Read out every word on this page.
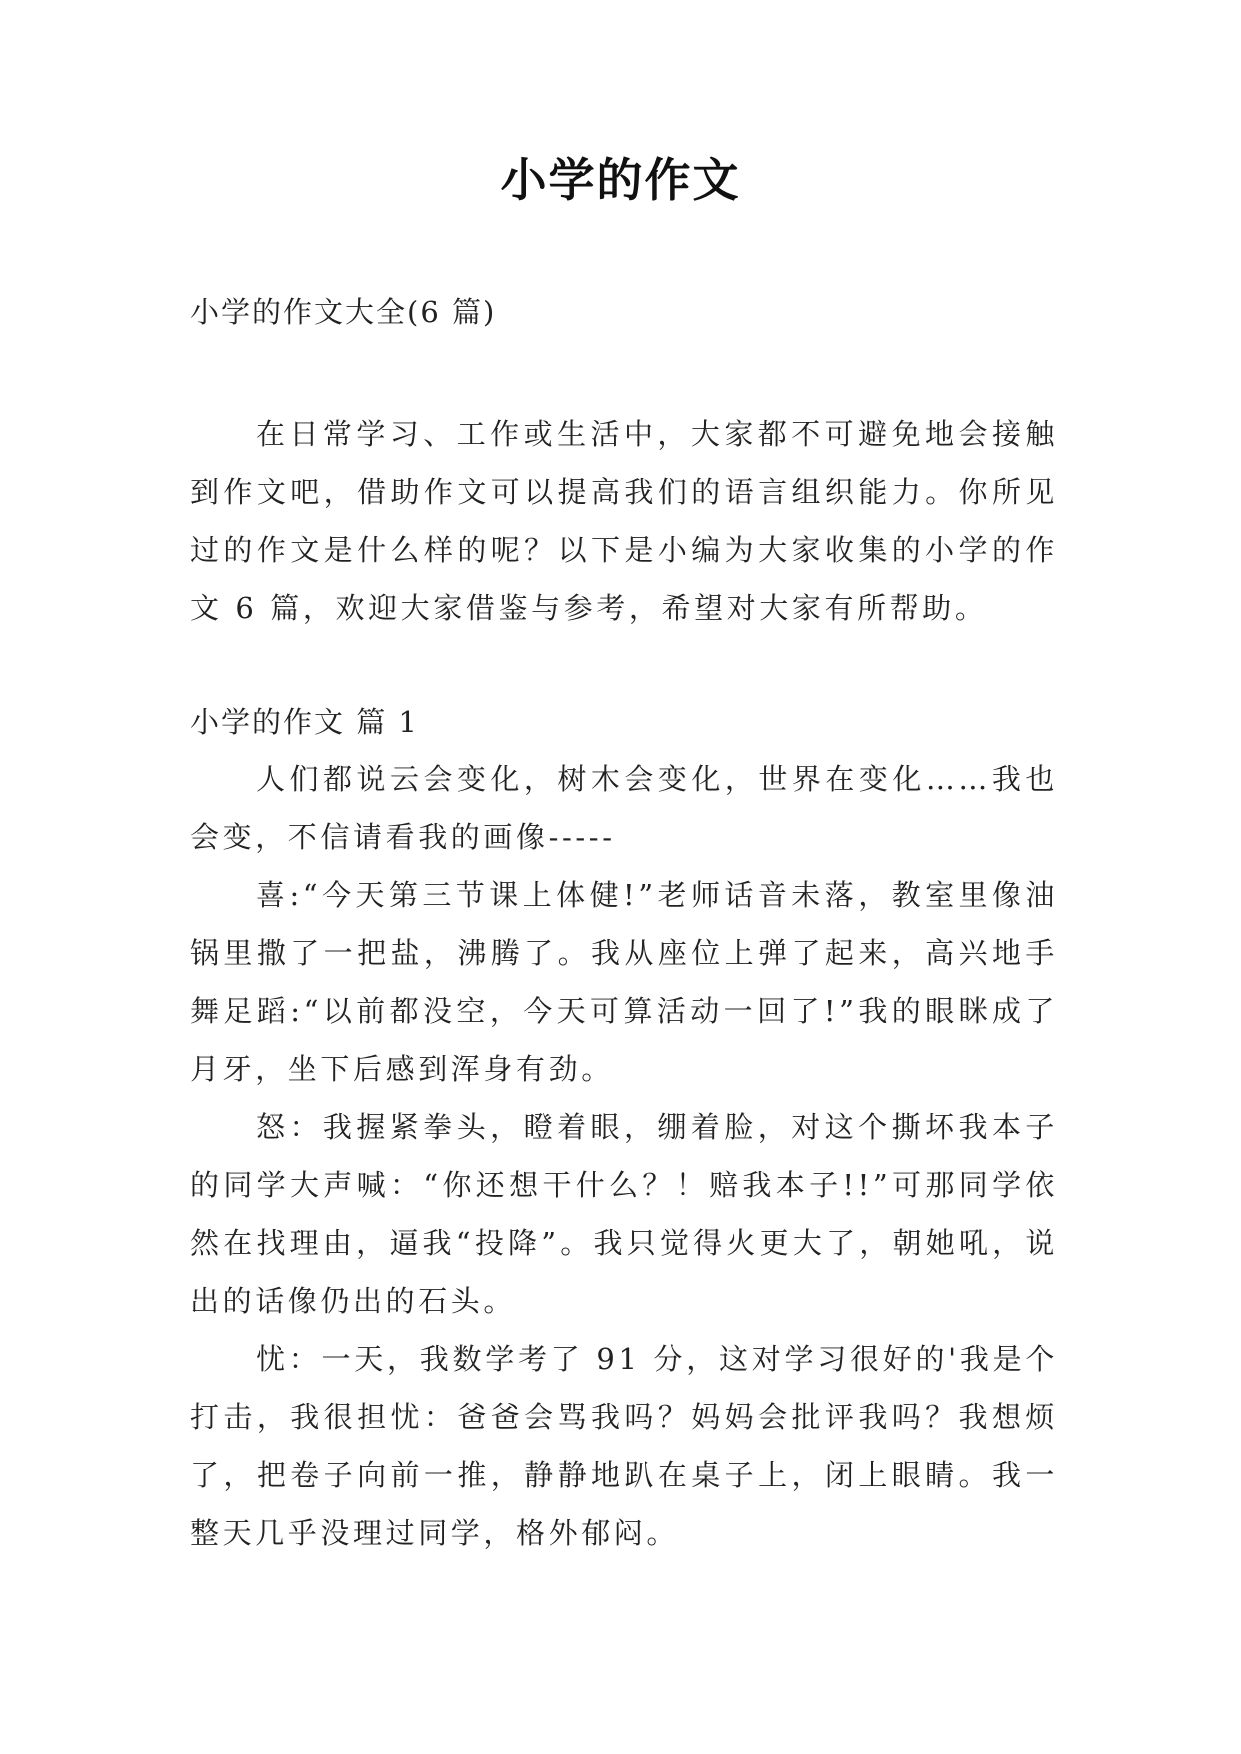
小学的作文
小学的作文大全(6 篇)

在日常学习、工作或生活中，大家都不可避免地会接触到作文吧，借助作文可以提高我们的语言组织能力。你所见过的作文是什么样的呢？以下是小编为大家收集的小学的作文 6 篇，欢迎大家借鉴与参考，希望对大家有所帮助。

小学的作文 篇 1

人们都说云会变化，树木会变化，世界在变化……我也会变，不信请看我的画像-----

喜:“今天第三节课上体健!”老师话音未落，教室里像油锅里撒了一把盐，沸腾了。我从座位上弹了起来，高兴地手舞足蹈:“以前都没空，今天可算活动一回了!”我的眼眯成了月牙，坐下后感到浑身有劲。

怒：我握紧拳头，瞪着眼，绷着脸，对这个撕坏我本子的同学大声喊：“你还想干什么？！赔我本子!!”可那同学依然在找理由，逼我“投降”。我只觉得火更大了，朝她吼，说出的话像仍出的石头。

忧：一天，我数学考了 91 分，这对学习很好的'我是个打击，我很担忧：爸爸会骂我吗？妈妈会批评我吗？我想烦了，把卷子向前一推，静静地趴在桌子上，闭上眼睛。我一整天几乎没理过同学，格外郁闷。
